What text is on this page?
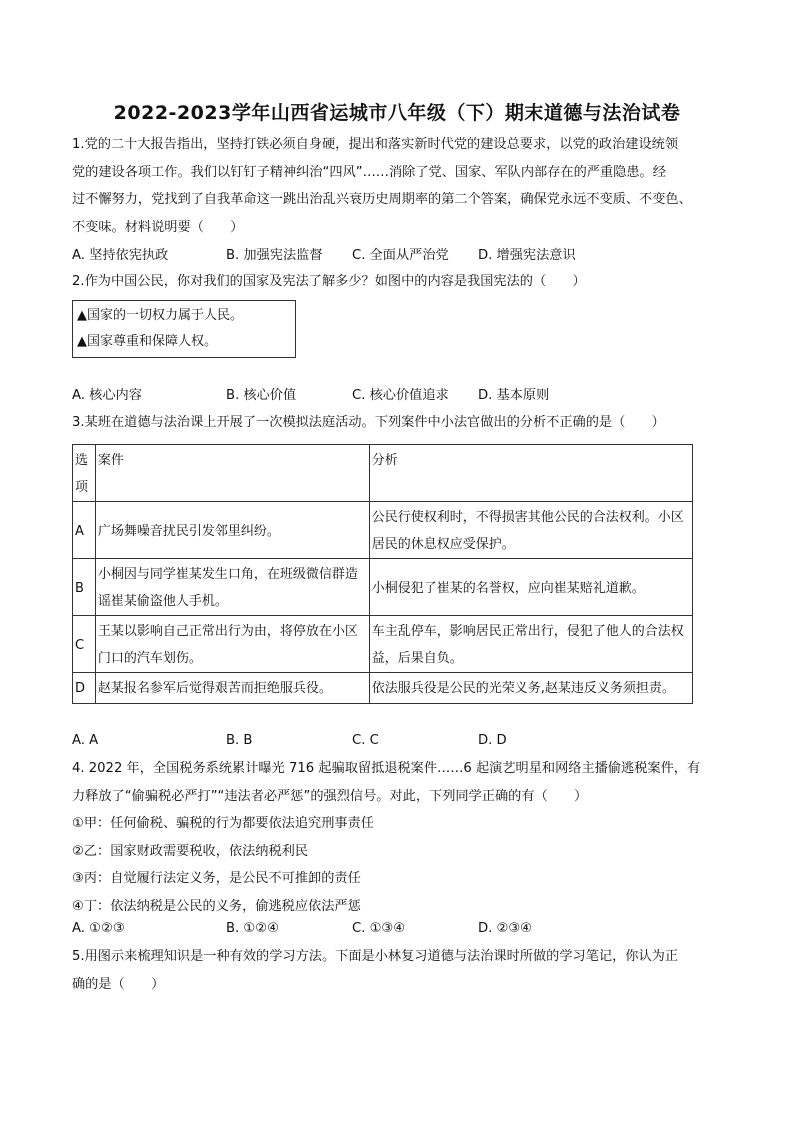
2022-2023学年山西省运城市八年级（下）期末道德与法治试卷

1.党的二十大报告指出，坚持打铁必须自身硬，提出和落实新时代党的建设总要求，以党的政治建设统领

党的建设各项工作。我们以钉钉子精神纠治“四风”……消除了党、国家、军队内部存在的严重隐患。经

过不懈努力，党找到了自我革命这一跳出治乱兴衰历史周期率的第二个答案，确保党永远不变质、不变色、

不变味。材料说明要（　　）

A. 坚持依宪执政	B. 加强宪法监督 C. 全面从严治党 D. 增强宪法意识
2.作为中国公民，你对我们的国家及宪法了解多少？如图中的内容是我国宪法的（　　）
▲国家的一切权力属于人民。
▲国家尊重和保障人权。
A. 核心内容	B. 核心价值	C. 核心价值追求 D. 基本原则
3.某班在道德与法治课上开展了一次模拟法庭活动。下列案件中小法官做出的分析不正确的是（　　）
选项	案件	分析
A	广场舞噪音扰民引发邻里纠纷。	公民行使权利时，不得损害其他公民的合法权利。小区居民的休息权应受保护。
B	小桐因与同学崔某发生口角，在班级微信群造谣崔某偷盗他人手机。	小桐侵犯了崔某的名誉权，应向崔某赔礼道歉。
C	王某以影响自己正常出行为由，将停放在小区门口的汽车划伤。	车主乱停车，影响居民正常出行，侵犯了他人的合法权益，后果自负。
D	赵某报名参军后觉得艰苦而拒绝服兵役。	依法服兵役是公民的光荣义务,赵某违反义务须担责。
A. A	B. B	C. C	D. D

4. 2022 年，全国税务系统累计曝光 716 起骗取留抵退税案件……6 起演艺明星和网络主播偷逃税案件，有

力释放了“偷骗税必严打”“违法者必严惩”的强烈信号。对此，下列同学正确的有（　　）

①甲：任何偷税、骗税的行为都要依法追究刑事责任

②乙：国家财政需要税收，依法纳税利民

③丙：自觉履行法定义务，是公民不可推卸的责任

④丁：依法纳税是公民的义务，偷逃税应依法严惩

A. ①②③	B. ①②④	C. ①③④	D. ②③④

5.用图示来梳理知识是一种有效的学习方法。下面是小林复习道德与法治课时所做的学习笔记，你认为正

确的是（　　）
